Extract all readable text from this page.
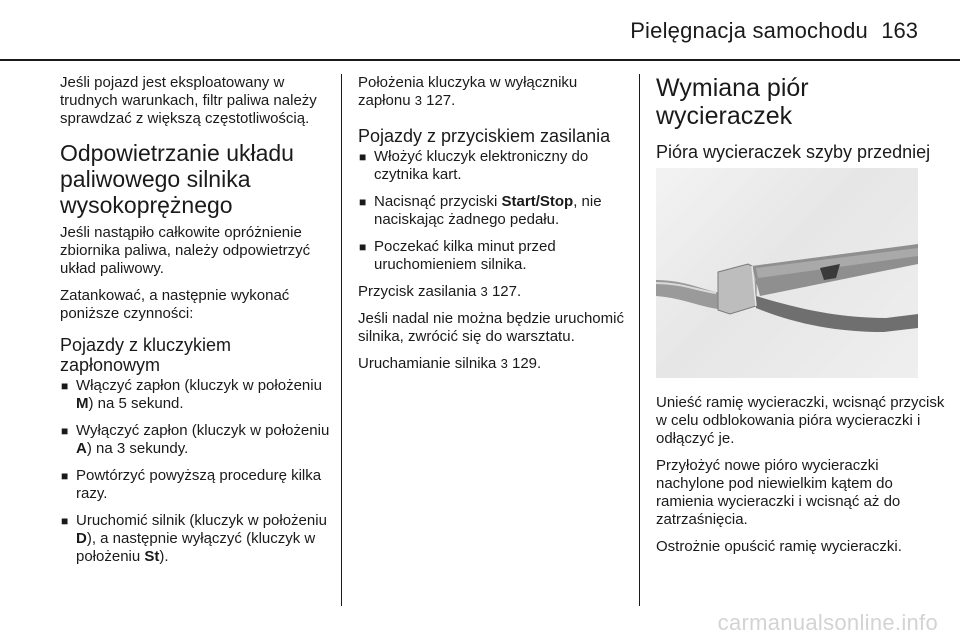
Pielęgnacja samochodu 163

Jeśli pojazd jest eksploatowany w trudnych warunkach, filtr paliwa należy sprawdzać z większą częstotliwością.

Odpowietrzanie układu paliwowego silnika wysokoprężnego

Jeśli nastąpiło całkowite opróżnienie zbiornika paliwa, należy odpowietrzyć układ paliwowy.

Zatankować, a następnie wykonać poniższe czynności:

Pojazdy z kluczykiem zapłonowym
■ Włączyć zapłon (kluczyk w położeniu M) na 5 sekund.
■ Wyłączyć zapłon (kluczyk w położeniu A) na 3 sekundy.
■ Powtórzyć powyższą procedurę kilka razy.
■ Uruchomić silnik (kluczyk w położeniu D), a następnie wyłączyć (kluczyk w położeniu St).

Położenia kluczyka w wyłączniku zapłonu 3 127.

Pojazdy z przyciskiem zasilania
■ Włożyć kluczyk elektroniczny do czytnika kart.
■ Nacisnąć przyciski Start/Stop, nie naciskając żadnego pedału.
■ Poczekać kilka minut przed uruchomieniem silnika.

Przycisk zasilania 3 127.

Jeśli nadal nie można będzie uruchomić silnika, zwrócić się do warsztatu.

Uruchamianie silnika 3 129.

Wymiana piór wycieraczek
Pióra wycieraczek szyby przedniej

Unieść ramię wycieraczki, wcisnąć przycisk w celu odblokowania pióra wycieraczki i odłączyć je.

Przyłożyć nowe pióro wycieraczki nachylone pod niewielkim kątem do ramienia wycieraczki i wcisnąć aż do zatrzaśnięcia.

Ostrożnie opuścić ramię wycieraczki.

carmanualsonline.info
